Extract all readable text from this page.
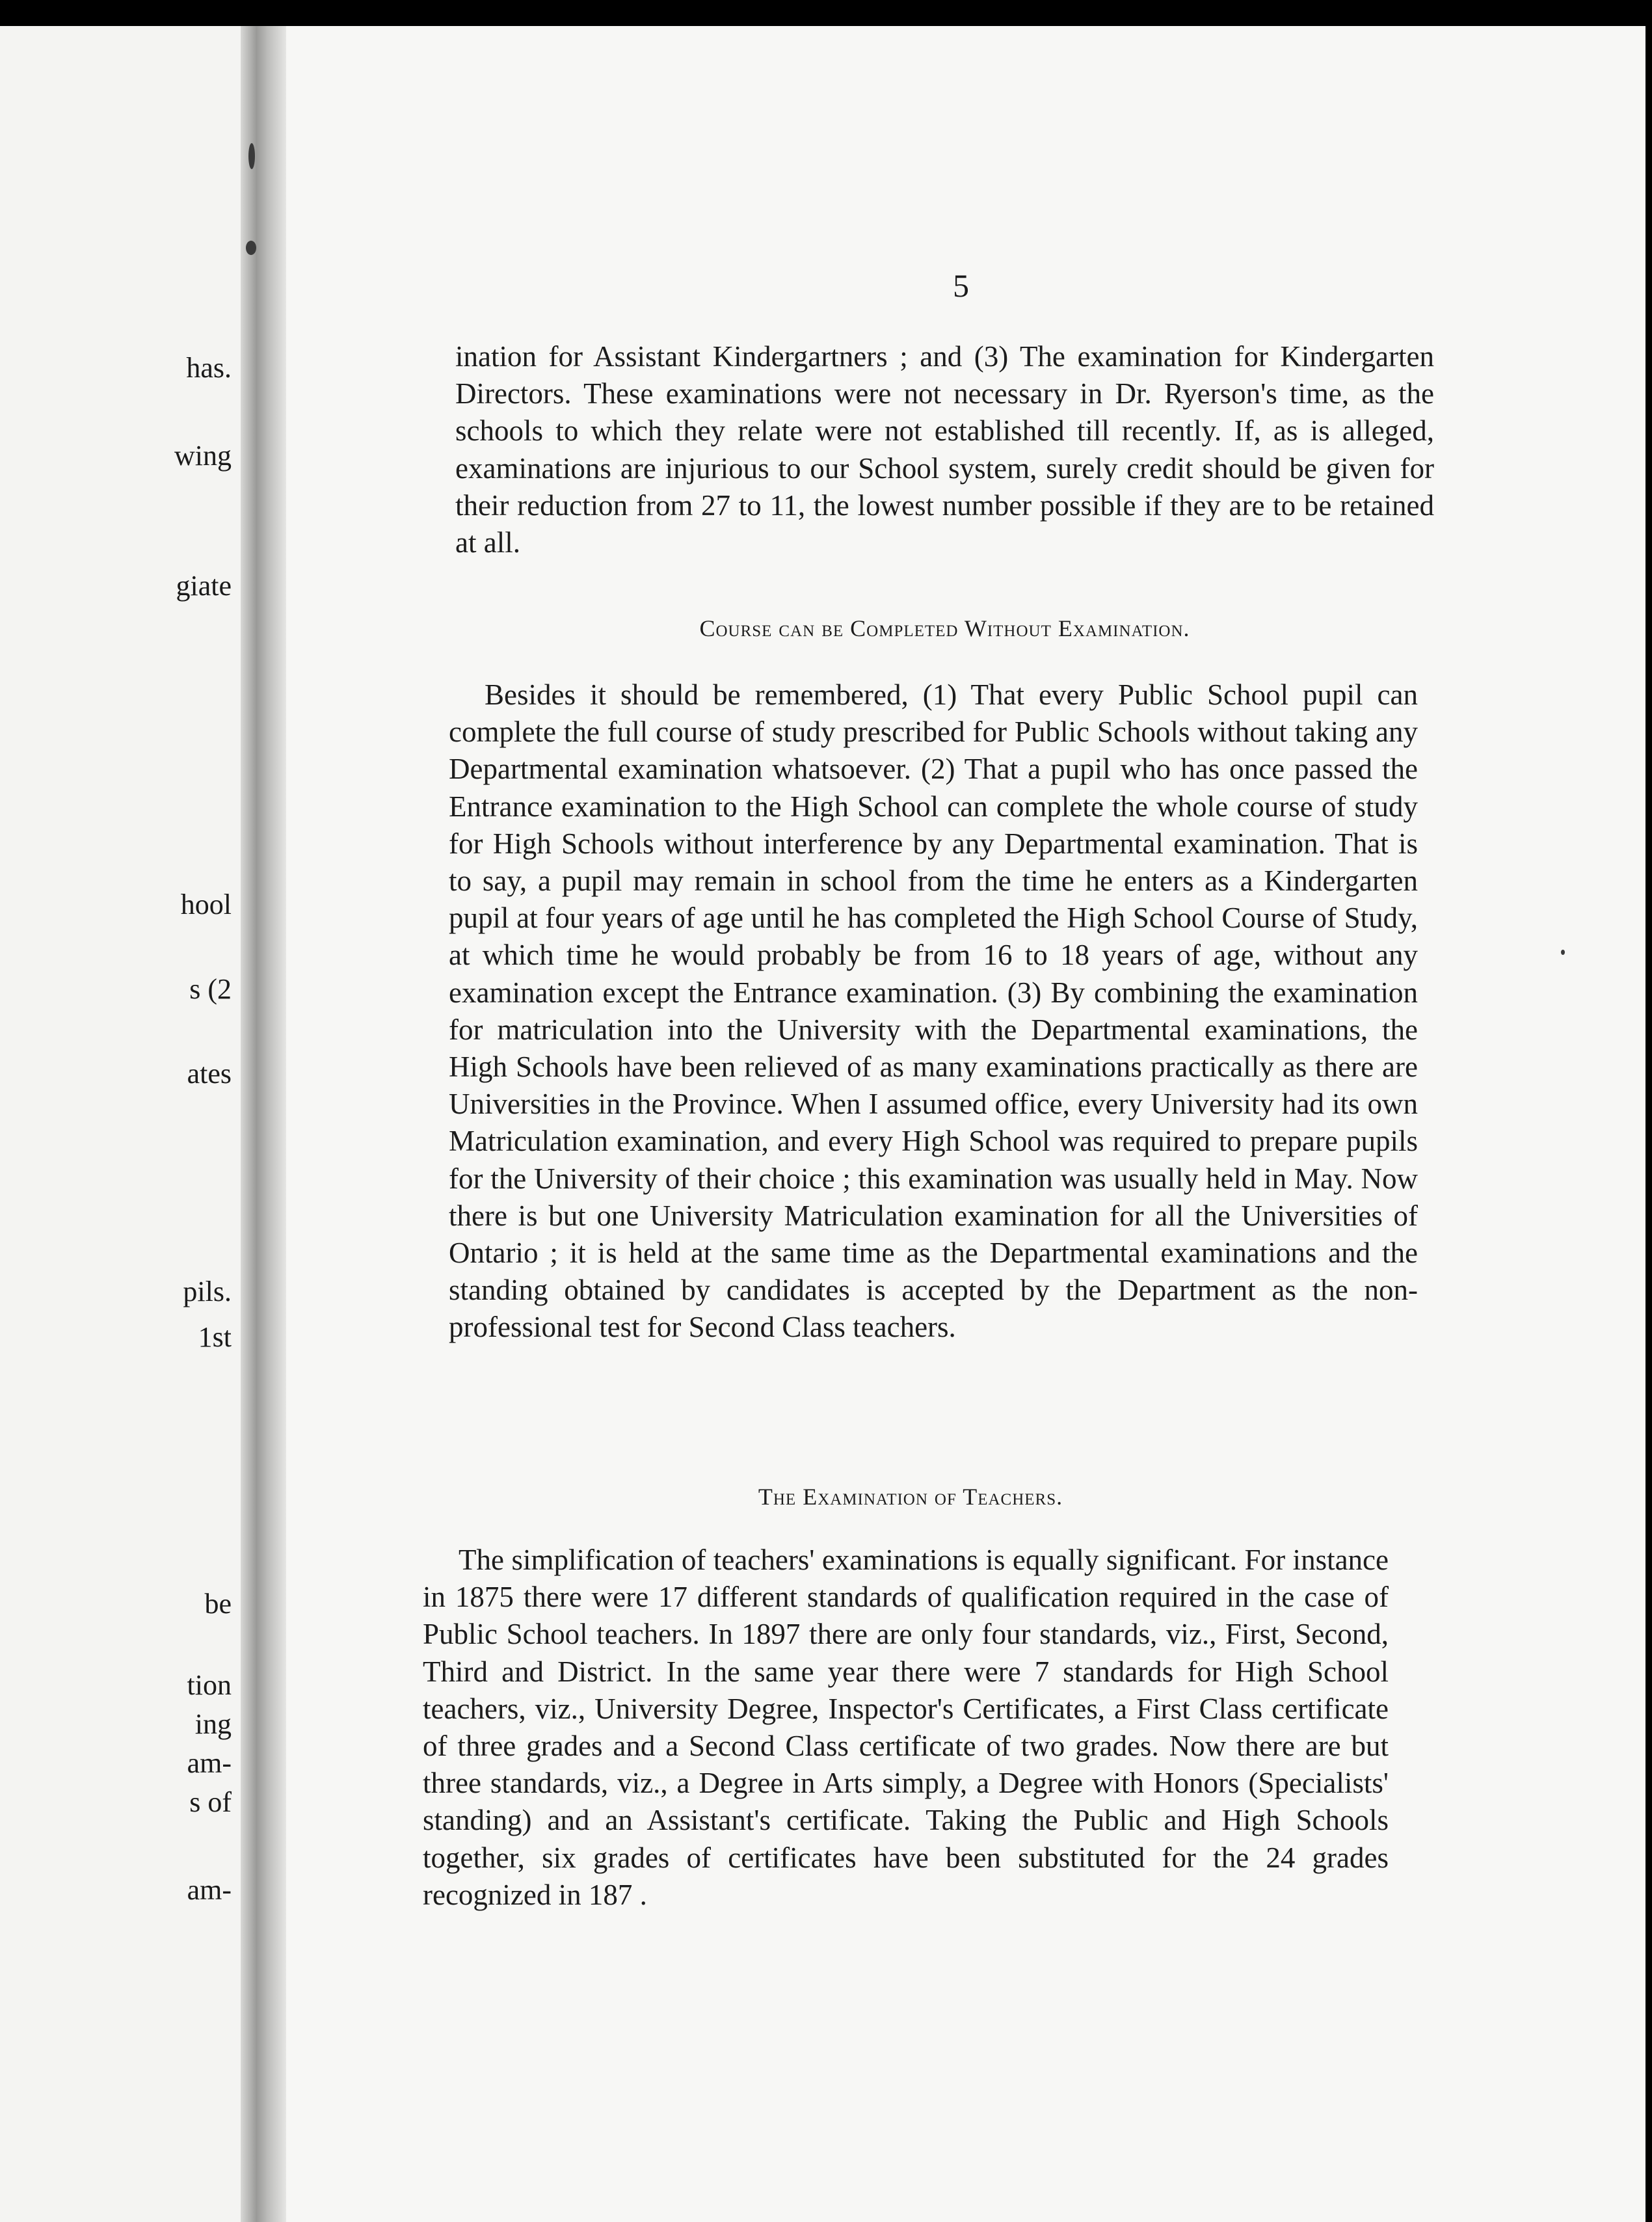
has.
wing
giate
hool
s (2
ates
pils.
1st
be
tion
ing
am-
s of
am-
5

ination for Assistant Kindergartners ; and (3) The examination for Kindergarten Directors. These examinations were not necessary in Dr. Ryerson's time, as the schools to which they relate were not established till recently. If, as is alleged, examinations are injurious to our School system, surely credit should be given for their reduction from 27 to 11, the lowest number possible if they are to be retained at all.

Course can be Completed Without Examination.

Besides it should be remembered, (1) That every Public School pupil can complete the full course of study prescribed for Public Schools without taking any Departmental examination whatsoever. (2) That a pupil who has once passed the Entrance examination to the High School can complete the whole course of study for High Schools without interference by any Departmental examination. That is to say, a pupil may remain in school from the time he enters as a Kindergarten pupil at four years of age until he has completed the High School Course of Study, at which time he would probably be from 16 to 18 years of age, without any examination except the Entrance examination. (3) By combining the examination for matriculation into the University with the Departmental examinations, the High Schools have been relieved of as many examinations practically as there are Universities in the Province. When I assumed office, every University had its own Matriculation examination, and every High School was required to prepare pupils for the University of their choice ; this examination was usually held in May. Now there is but one University Matriculation examination for all the Universities of Ontario ; it is held at the same time as the Departmental examinations and the standing obtained by candidates is accepted by the Department as the non-professional test for Second Class teachers.

The Examination of Teachers.

The simplification of teachers' examinations is equally significant. For instance in 1875 there were 17 different standards of qualification required in the case of Public School teachers. In 1897 there are only four standards, viz., First, Second, Third and District. In the same year there were 7 standards for High School teachers, viz., University Degree, Inspector's Certificates, a First Class certificate of three grades and a Second Class certificate of two grades. Now there are but three standards, viz., a Degree in Arts simply, a Degree with Honors (Specialists' standing) and an Assistant's certificate. Taking the Public and High Schools together, six grades of certificates have been substituted for the 24 grades recognized in 187 .
